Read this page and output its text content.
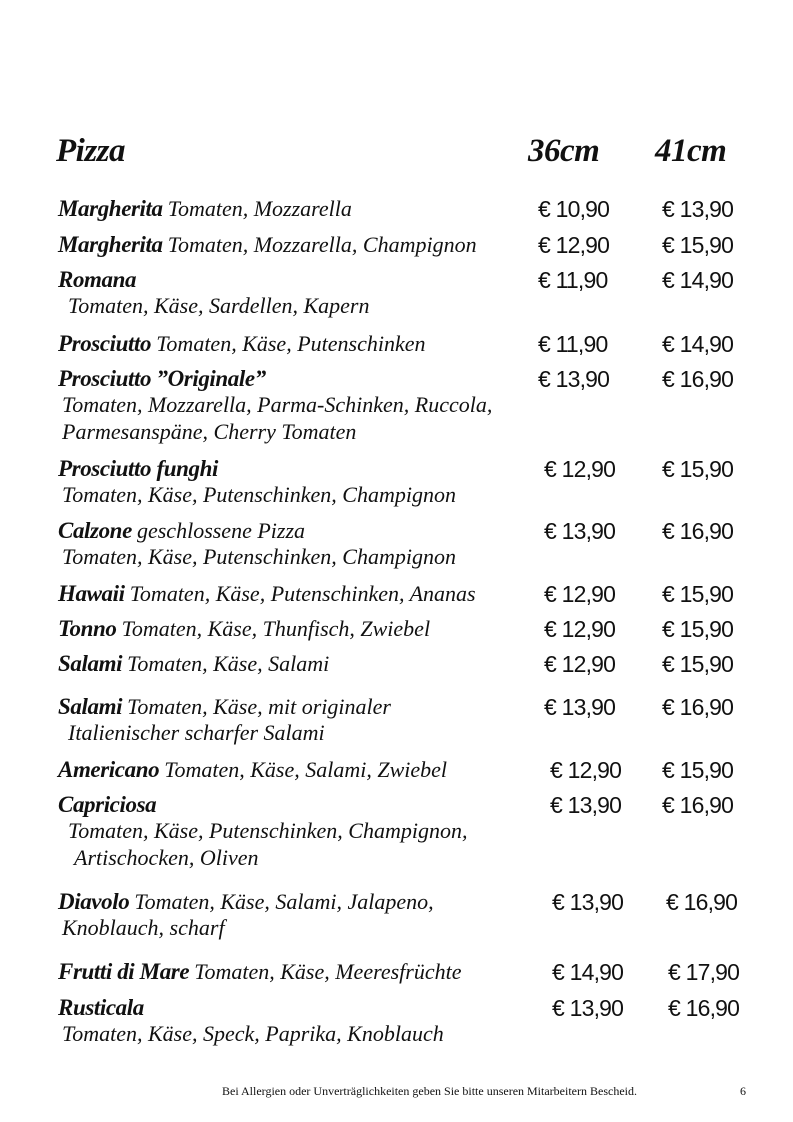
Pizza	36cm 41cm
Margherita Tomaten, Mozzarella	€ 10,90 € 13,90
Margherita Tomaten, Mozzarella, Champignon	€ 12,90 € 15,90
Romana	€ 11,90 € 14,90
Tomaten, Käse, Sardellen, Kapern
Prosciutto Tomaten, Käse, Putenschinken	€ 11,90 € 14,90
Prosciutto ”Originale”	€ 13,90 € 16,90
Tomaten, Mozzarella, Parma-Schinken, Ruccola,
Parmesanspäne, Cherry Tomaten
Prosciutto funghi	€ 12,90 € 15,90
Tomaten, Käse, Putenschinken, Champignon
Calzone geschlossene Pizza	€ 13,90 € 16,90
Tomaten, Käse, Putenschinken, Champignon
Hawaii Tomaten, Käse, Putenschinken, Ananas	€ 12,90 € 15,90
Tonno Tomaten, Käse, Thunfisch, Zwiebel	€ 12,90 € 15,90
Salami Tomaten, Käse, Salami	€ 12,90 € 15,90
Salami Tomaten, Käse, mit originaler	€ 13,90 € 16,90
Italienischer scharfer Salami
Americano Tomaten, Käse, Salami, Zwiebel	€ 12,90 € 15,90
Capriciosa	€ 13,90 € 16,90
Tomaten, Käse, Putenschinken, Champignon,
Artischocken, Oliven
Diavolo Tomaten, Käse, Salami, Jalapeno,	€ 13,90 € 16,90
Knoblauch, scharf
Frutti di Mare Tomaten, Käse, Meeresfrüchte	€ 14,90 € 17,90
Rusticala	€ 13,90 € 16,90
Tomaten, Käse, Speck, Paprika, Knoblauch
Bei Allergien oder Unverträglichkeiten geben Sie bitte unseren Mitarbeitern Bescheid.	6
